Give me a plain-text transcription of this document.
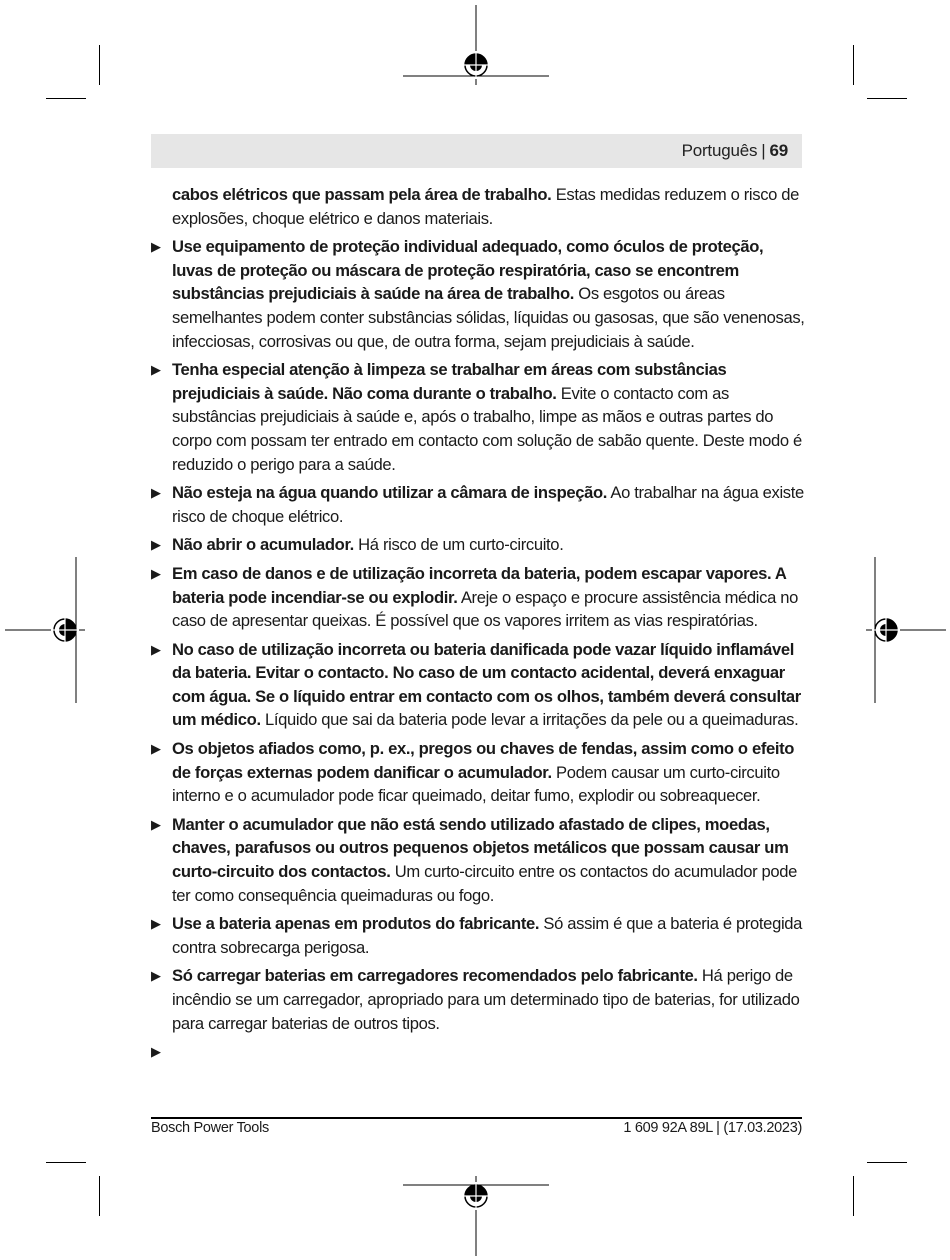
Português | 69
cabos elétricos que passam pela área de trabalho. Estas medidas reduzem o risco de explosões, choque elétrico e danos materiais.
▶ Use equipamento de proteção individual adequado, como óculos de proteção, luvas de proteção ou máscara de proteção respiratória, caso se encontrem substâncias prejudiciais à saúde na área de trabalho. Os esgotos ou áreas semelhantes podem conter substâncias sólidas, líquidas ou gasosas, que são venenosas, infecciosas, corrosivas ou que, de outra forma, sejam prejudiciais à saúde.
▶ Tenha especial atenção à limpeza se trabalhar em áreas com substâncias prejudiciais à saúde. Não coma durante o trabalho. Evite o contacto com as substâncias prejudiciais à saúde e, após o trabalho, limpe as mãos e outras partes do corpo com possam ter entrado em contacto com solução de sabão quente. Deste modo é reduzido o perigo para a saúde.
▶ Não esteja na água quando utilizar a câmara de inspeção. Ao trabalhar na água existe risco de choque elétrico.
▶ Não abrir o acumulador. Há risco de um curto-circuito.
▶ Em caso de danos e de utilização incorreta da bateria, podem escapar vapores. A bateria pode incendiar-se ou explodir. Areje o espaço e procure assistência médica no caso de apresentar queixas. É possível que os vapores irritem as vias respiratórias.
▶ No caso de utilização incorreta ou bateria danificada pode vazar líquido inflamável da bateria. Evitar o contacto. No caso de um contacto acidental, deverá enxaguar com água. Se o líquido entrar em contacto com os olhos, também deverá consultar um médico. Líquido que sai da bateria pode levar a irritações da pele ou a queimaduras.
▶ Os objetos afiados como, p. ex., pregos ou chaves de fendas, assim como o efeito de forças externas podem danificar o acumulador. Podem causar um curto-circuito interno e o acumulador pode ficar queimado, deitar fumo, explodir ou sobreaquecer.
▶ Manter o acumulador que não está sendo utilizado afastado de clipes, moedas, chaves, parafusos ou outros pequenos objetos metálicos que possam causar um curto-circuito dos contactos. Um curto-circuito entre os contactos do acumulador pode ter como consequência queimaduras ou fogo.
▶ Use a bateria apenas em produtos do fabricante. Só assim é que a bateria é protegida contra sobrecarga perigosa.
▶ Só carregar baterias em carregadores recomendados pelo fabricante. Há perigo de incêndio se um carregador, apropriado para um determinado tipo de baterias, for utilizado para carregar baterias de outros tipos.
▶
Bosch Power Tools	1 609 92A 89L | (17.03.2023)
